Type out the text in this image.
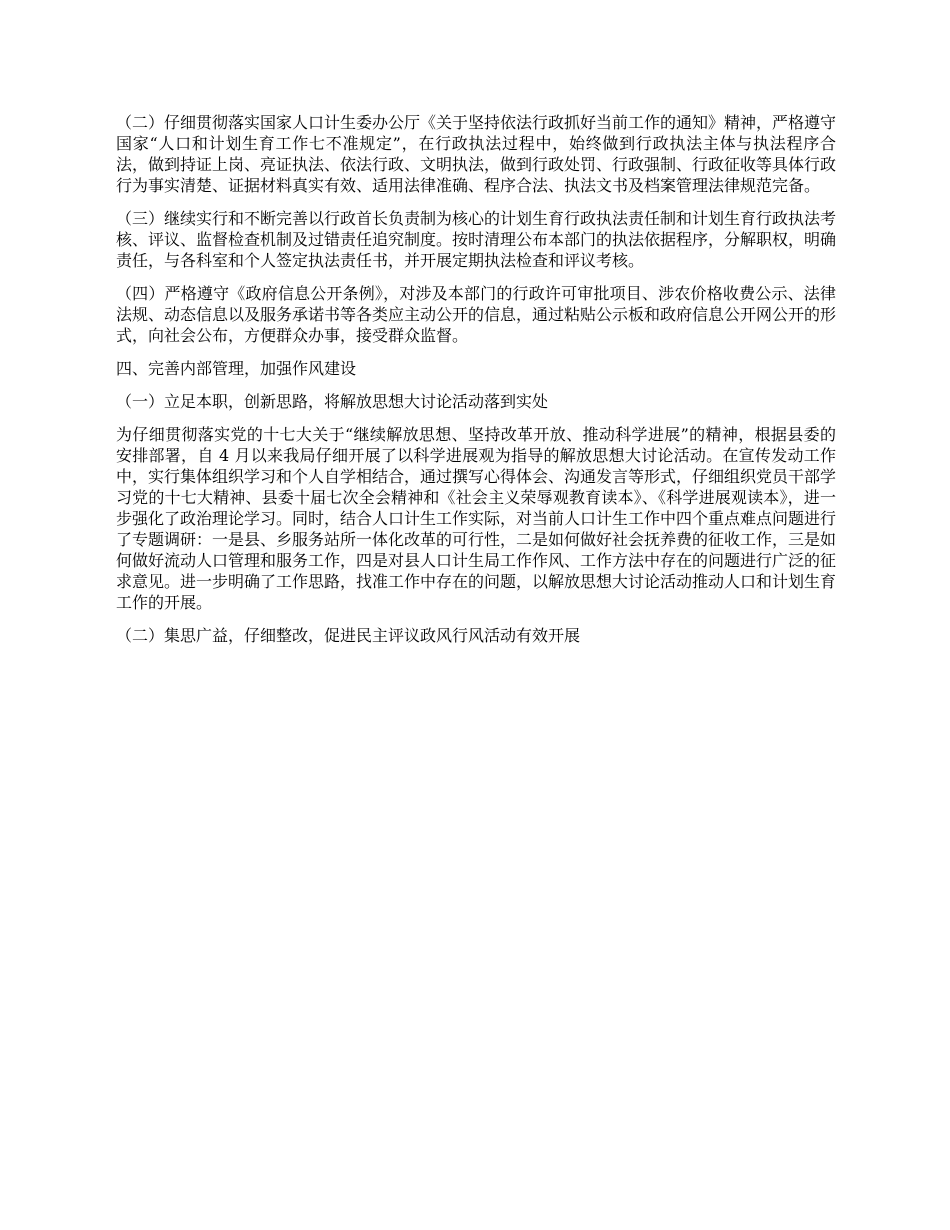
（二）仔细贯彻落实国家人口计生委办公厅《关于坚持依法行政抓好当前工作的通知》精神，严格遵守国家“人口和计划生育工作七不准规定”，在行政执法过程中，始终做到行政执法主体与执法程序合法，做到持证上岗、亮证执法、依法行政、文明执法，做到行政处罚、行政强制、行政征收等具体行政行为事实清楚、证据材料真实有效、适用法律准确、程序合法、执法文书及档案管理法律规范完备。

（三）继续实行和不断完善以行政首长负责制为核心的计划生育行政执法责任制和计划生育行政执法考核、评议、监督检查机制及过错责任追究制度。按时清理公布本部门的执法依据程序，分解职权，明确责任，与各科室和个人签定执法责任书，并开展定期执法检查和评议考核。

（四）严格遵守《政府信息公开条例》，对涉及本部门的行政许可审批项目、涉农价格收费公示、法律法规、动态信息以及服务承诺书等各类应主动公开的信息，通过粘贴公示板和政府信息公开网公开的形式，向社会公布，方便群众办事，接受群众监督。

四、完善内部管理，加强作风建设

（一）立足本职，创新思路，将解放思想大讨论活动落到实处

为仔细贯彻落实党的十七大关于“继续解放思想、坚持改革开放、推动科学进展”的精神，根据县委的安排部署，自 4 月以来我局仔细开展了以科学进展观为指导的解放思想大讨论活动。在宣传发动工作中，实行集体组织学习和个人自学相结合，通过撰写心得体会、沟通发言等形式，仔细组织党员干部学习党的十七大精神、县委十届七次全会精神和《社会主义荣辱观教育读本》、《科学进展观读本》，进一步强化了政治理论学习。同时，结合人口计生工作实际，对当前人口计生工作中四个重点难点问题进行了专题调研：一是县、乡服务站所一体化改革的可行性，二是如何做好社会抚养费的征收工作，三是如何做好流动人口管理和服务工作，四是对县人口计生局工作作风、工作方法中存在的问题进行广泛的征求意见。进一步明确了工作思路，找准工作中存在的问题，以解放思想大讨论活动推动人口和计划生育工作的开展。

（二）集思广益，仔细整改，促进民主评议政风行风活动有效开展
